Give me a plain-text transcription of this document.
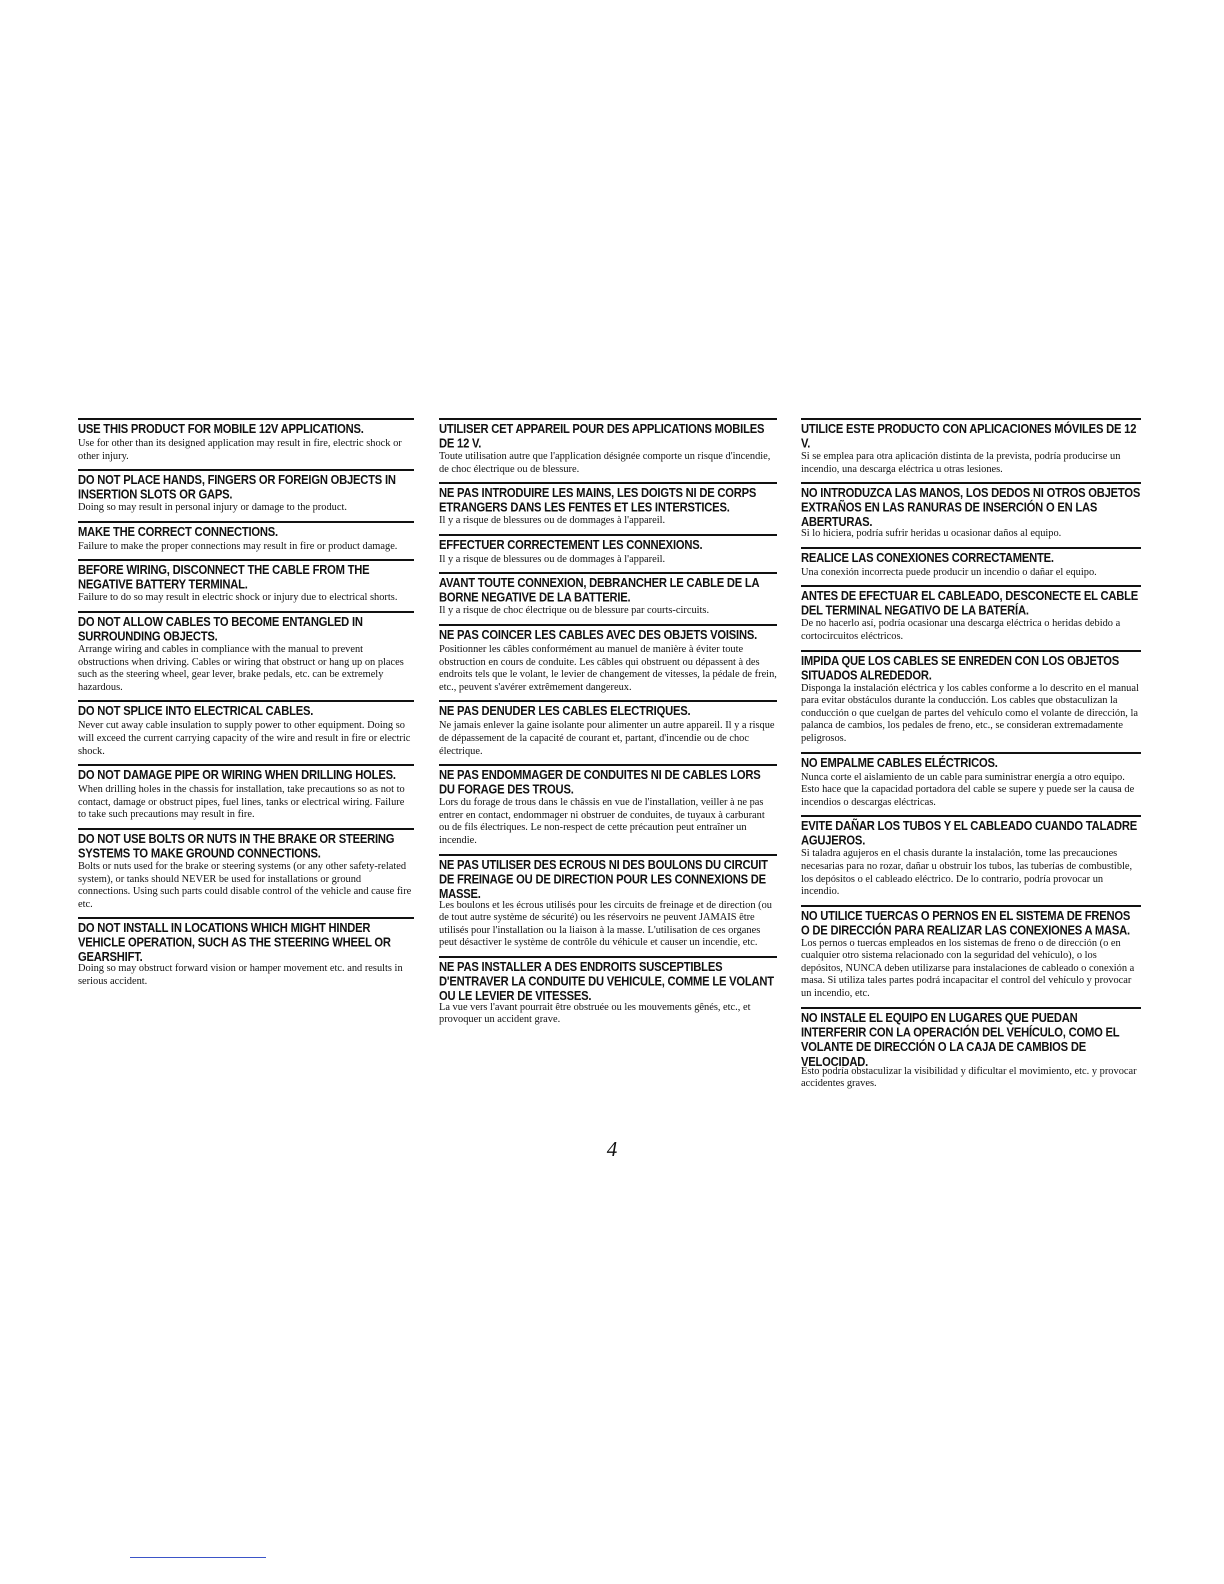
USE THIS PRODUCT FOR MOBILE 12V APPLICATIONS.
Use for other than its designed application may result in fire, electric shock or other injury.
DO NOT PLACE HANDS, FINGERS OR FOREIGN OBJECTS IN INSERTION SLOTS OR GAPS.
Doing so may result in personal injury or damage to the product.
MAKE THE CORRECT CONNECTIONS.
Failure to make the proper connections may result in fire or product damage.
BEFORE WIRING, DISCONNECT THE CABLE FROM THE NEGATIVE BATTERY TERMINAL.
Failure to do so may result in electric shock or injury due to electrical shorts.
DO NOT ALLOW CABLES TO BECOME ENTANGLED IN SURROUNDING OBJECTS.
Arrange wiring and cables in compliance with the manual to prevent obstructions when driving. Cables or wiring that obstruct or hang up on places such as the steering wheel, gear lever, brake pedals, etc. can be extremely hazardous.
DO NOT SPLICE INTO ELECTRICAL CABLES.
Never cut away cable insulation to supply power to other equipment. Doing so will exceed the current carrying capacity of the wire and result in fire or electric shock.
DO NOT DAMAGE PIPE OR WIRING WHEN DRILLING HOLES.
When drilling holes in the chassis for installation, take precautions so as not to contact, damage or obstruct pipes, fuel lines, tanks or electrical wiring. Failure to take such precautions may result in fire.
DO NOT USE BOLTS OR NUTS IN THE BRAKE OR STEERING SYSTEMS TO MAKE GROUND CONNECTIONS.
Bolts or nuts used for the brake or steering systems (or any other safety-related system), or tanks should NEVER be used for installations or ground connections. Using such parts could disable control of the vehicle and cause fire etc.
DO NOT INSTALL IN LOCATIONS WHICH MIGHT HINDER VEHICLE OPERATION, SUCH AS THE STEERING WHEEL OR GEARSHIFT.
Doing so may obstruct forward vision or hamper movement etc. and results in serious accident.
UTILISER CET APPAREIL POUR DES APPLICATIONS MOBILES DE 12 V.
Toute utilisation autre que l'application désignée comporte un risque d'incendie, de choc électrique ou de blessure.
NE PAS INTRODUIRE LES MAINS, LES DOIGTS NI DE CORPS ETRANGERS DANS LES FENTES ET LES INTERSTICES.
Il y a risque de blessures ou de dommages à l'appareil.
EFFECTUER CORRECTEMENT LES CONNEXIONS.
Il y a risque de blessures ou de dommages à l'appareil.
AVANT TOUTE CONNEXION, DEBRANCHER LE CABLE DE LA BORNE NEGATIVE DE LA BATTERIE.
Il y a risque de choc électrique ou de blessure par courts-circuits.
NE PAS COINCER LES CABLES AVEC DES OBJETS VOISINS.
Positionner les câbles conformément au manuel de manière à éviter toute obstruction en cours de conduite. Les câbles qui obstruent ou dépassent à des endroits tels que le volant, le levier de changement de vitesses, la pédale de frein, etc., peuvent s'avérer extrêmement dangereux.
NE PAS DENUDER LES CABLES ELECTRIQUES.
Ne jamais enlever la gaine isolante pour alimenter un autre appareil. Il y a risque de dépassement de la capacité de courant et, partant, d'incendie ou de choc électrique.
NE PAS ENDOMMAGER DE CONDUITES NI DE CABLES LORS DU FORAGE DES TROUS.
Lors du forage de trous dans le châssis en vue de l'installation, veiller à ne pas entrer en contact, endommager ni obstruer de conduites, de tuyaux à carburant ou de fils électriques. Le non-respect de cette précaution peut entraîner un incendie.
NE PAS UTILISER DES ECROUS NI DES BOULONS DU CIRCUIT DE FREINAGE OU DE DIRECTION POUR LES CONNEXIONS DE MASSE.
Les boulons et les écrous utilisés pour les circuits de freinage et de direction (ou de tout autre système de sécurité) ou les réservoirs ne peuvent JAMAIS être utilisés pour l'installation ou la liaison à la masse. L'utilisation de ces organes peut désactiver le système de contrôle du véhicule et causer un incendie, etc.
NE PAS INSTALLER A DES ENDROITS SUSCEPTIBLES D'ENTRAVER LA CONDUITE DU VEHICULE, COMME LE VOLANT OU LE LEVIER DE VITESSES.
La vue vers l'avant pourrait être obstruée ou les mouvements gênés, etc., et provoquer un accident grave.
UTILICE ESTE PRODUCTO CON APLICACIONES MÓVILES DE 12 V.
Si se emplea para otra aplicación distinta de la prevista, podría producirse un incendio, una descarga eléctrica u otras lesiones.
NO INTRODUZCA LAS MANOS, LOS DEDOS NI OTROS OBJETOS EXTRAÑOS EN LAS RANURAS DE INSERCIÓN O EN LAS ABERTURAS.
Si lo hiciera, podría sufrir heridas u ocasionar daños al equipo.
REALICE LAS CONEXIONES CORRECTAMENTE.
Una conexión incorrecta puede producir un incendio o dañar el equipo.
ANTES DE EFECTUAR EL CABLEADO, DESCONECTE EL CABLE DEL TERMINAL NEGATIVO DE LA BATERÍA.
De no hacerlo así, podría ocasionar una descarga eléctrica o heridas debido a cortocircuitos eléctricos.
IMPIDA QUE LOS CABLES SE ENREDEN CON LOS OBJETOS SITUADOS ALREDEDOR.
Disponga la instalación eléctrica y los cables conforme a lo descrito en el manual para evitar obstáculos durante la conducción. Los cables que obstaculizan la conducción o que cuelgan de partes del vehículo como el volante de dirección, la palanca de cambios, los pedales de freno, etc., se consideran extremadamente peligrosos.
NO EMPALME CABLES ELÉCTRICOS.
Nunca corte el aislamiento de un cable para suministrar energía a otro equipo. Esto hace que la capacidad portadora del cable se supere y puede ser la causa de incendios o descargas eléctricas.
EVITE DAÑAR LOS TUBOS Y EL CABLEADO CUANDO TALADRE AGUJEROS.
Si taladra agujeros en el chasis durante la instalación, tome las precauciones necesarias para no rozar, dañar u obstruir los tubos, las tuberías de combustible, los depósitos o el cableado eléctrico. De lo contrario, podría provocar un incendio.
NO UTILICE TUERCAS O PERNOS EN EL SISTEMA DE FRENOS O DE DIRECCIÓN PARA REALIZAR LAS CONEXIONES A MASA.
Los pernos o tuercas empleados en los sistemas de freno o de dirección (o en cualquier otro sistema relacionado con la seguridad del vehículo), o los depósitos, NUNCA deben utilizarse para instalaciones de cableado o conexión a masa. Si utiliza tales partes podrá incapacitar el control del vehículo y provocar un incendio, etc.
NO INSTALE EL EQUIPO EN LUGARES QUE PUEDAN INTERFERIR CON LA OPERACIÓN DEL VEHÍCULO, COMO EL VOLANTE DE DIRECCIÓN O LA CAJA DE CAMBIOS DE VELOCIDAD.
Esto podría obstaculizar la visibilidad y dificultar el movimiento, etc. y provocar accidentes graves.
4
